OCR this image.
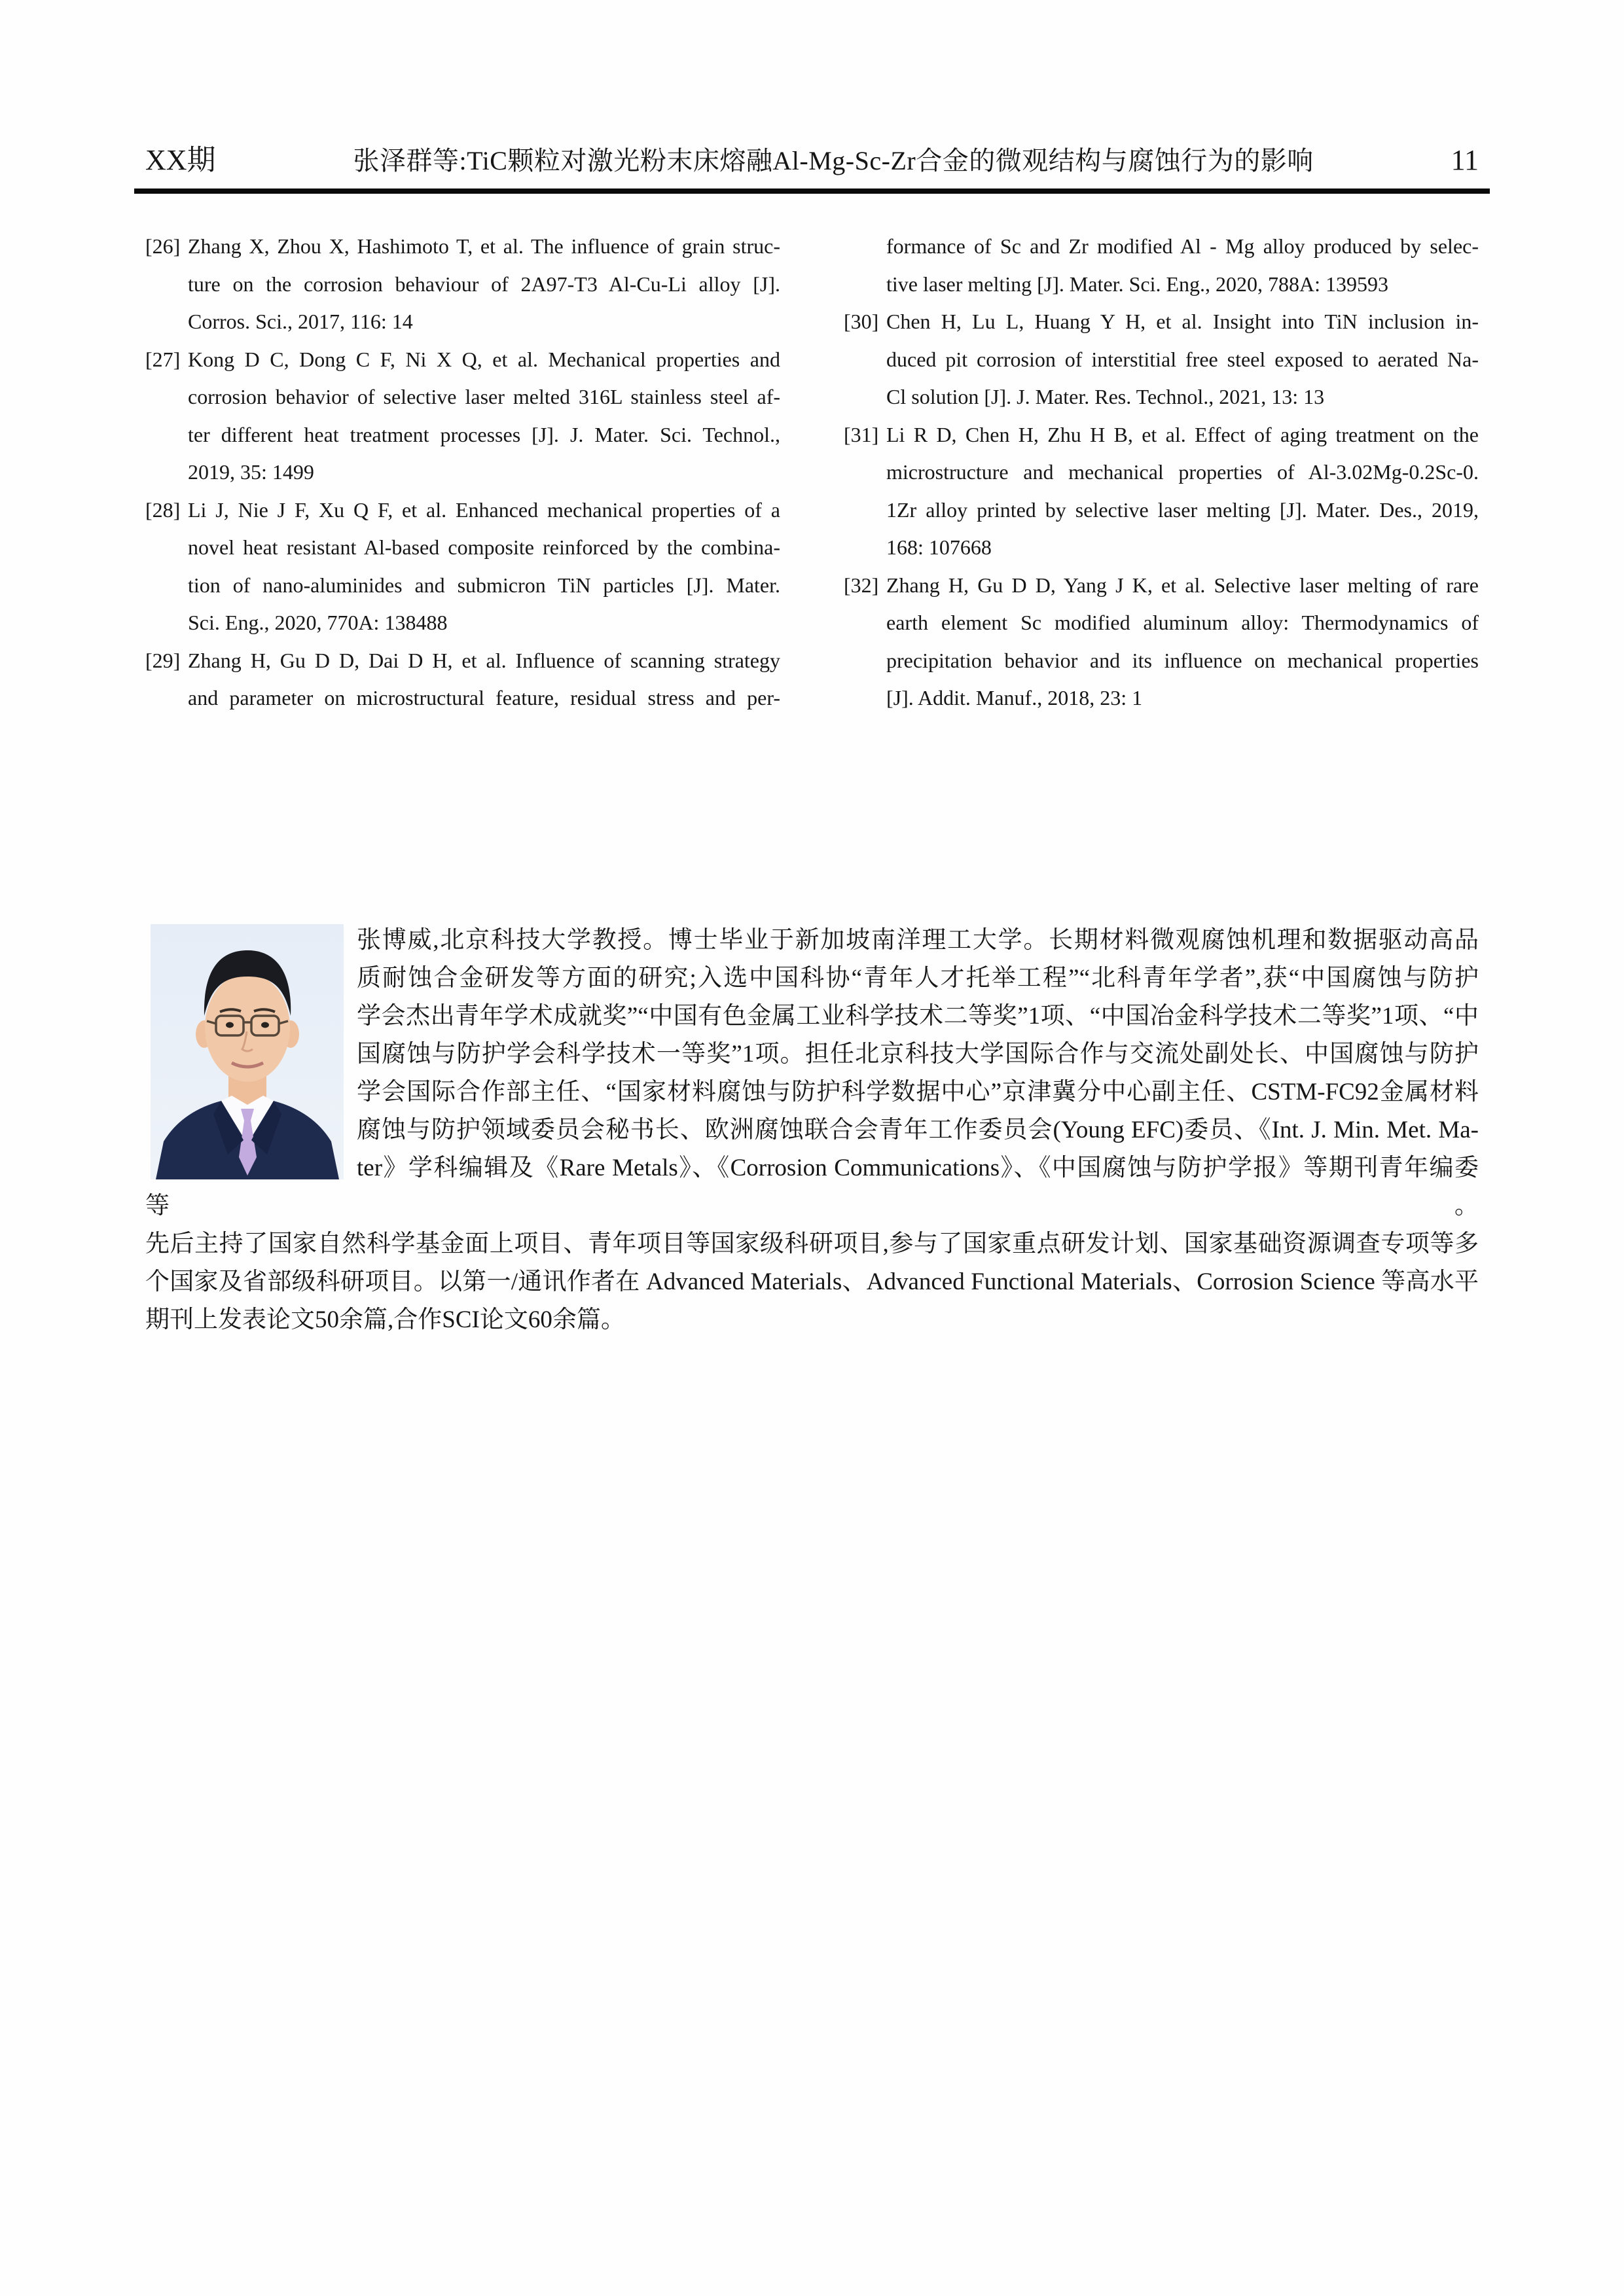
XX期	张泽群等:TiC颗粒对激光粉末床熔融Al-Mg-Sc-Zr合金的微观结构与腐蚀行为的影响	11
[26] Zhang X, Zhou X, Hashimoto T, et al. The influence of grain struc-
ture on the corrosion behaviour of 2A97-T3 Al-Cu-Li alloy [J].
Corros. Sci., 2017, 116: 14
[27] Kong D C, Dong C F, Ni X Q, et al. Mechanical properties and
corrosion behavior of selective laser melted 316L stainless steel af-
ter different heat treatment processes [J]. J. Mater. Sci. Technol.,
2019, 35: 1499
[28] Li J, Nie J F, Xu Q F, et al. Enhanced mechanical properties of a
novel heat resistant Al-based composite reinforced by the combina-
tion of nano-aluminides and submicron TiN particles [J]. Mater.
Sci. Eng., 2020, 770A: 138488
[29] Zhang H, Gu D D, Dai D H, et al. Influence of scanning strategy
and parameter on microstructural feature, residual stress and per-
formance of Sc and Zr modified Al - Mg alloy produced by selec-
tive laser melting [J]. Mater. Sci. Eng., 2020, 788A: 139593
[30] Chen H, Lu L, Huang Y H, et al. Insight into TiN inclusion in-
duced pit corrosion of interstitial free steel exposed to aerated Na-
Cl solution [J]. J. Mater. Res. Technol., 2021, 13: 13
[31] Li R D, Chen H, Zhu H B, et al. Effect of aging treatment on the
microstructure and mechanical properties of Al-3.02Mg-0.2Sc-0.
1Zr alloy printed by selective laser melting [J]. Mater. Des., 2019,
168: 107668
[32] Zhang H, Gu D D, Yang J K, et al. Selective laser melting of rare
earth element Sc modified aluminum alloy: Thermodynamics of
precipitation behavior and its influence on mechanical properties
[J]. Addit. Manuf., 2018, 23: 1
张博威,北京科技大学教授。博士毕业于新加坡南洋理工大学。长期材料微观腐蚀机理和数据驱动高品
质耐蚀合金研发等方面的研究;入选中国科协“青年人才托举工程”“北科青年学者”,获“中国腐蚀与防护
学会杰出青年学术成就奖”“中国有色金属工业科学技术二等奖”1项、“中国冶金科学技术二等奖”1项、“中
国腐蚀与防护学会科学技术一等奖”1项。担任北京科技大学国际合作与交流处副处长、中国腐蚀与防护
学会国际合作部主任、“国家材料腐蚀与防护科学数据中心”京津冀分中心副主任、CSTM-FC92金属材料
腐蚀与防护领域委员会秘书长、欧洲腐蚀联合会青年工作委员会(Young EFC)委员、《Int. J. Min. Met. Ma-
ter》学科编辑及《Rare Metals》、《Corrosion Communications》、《中国腐蚀与防护学报》等期刊青年编委等。
先后主持了国家自然科学基金面上项目、青年项目等国家级科研项目,参与了国家重点研发计划、国家基础资源调查专项等多
个国家及省部级科研项目。以第一/通讯作者在 Advanced Materials、Advanced Functional Materials、Corrosion Science 等高水平
期刊上发表论文50余篇,合作SCI论文60余篇。
